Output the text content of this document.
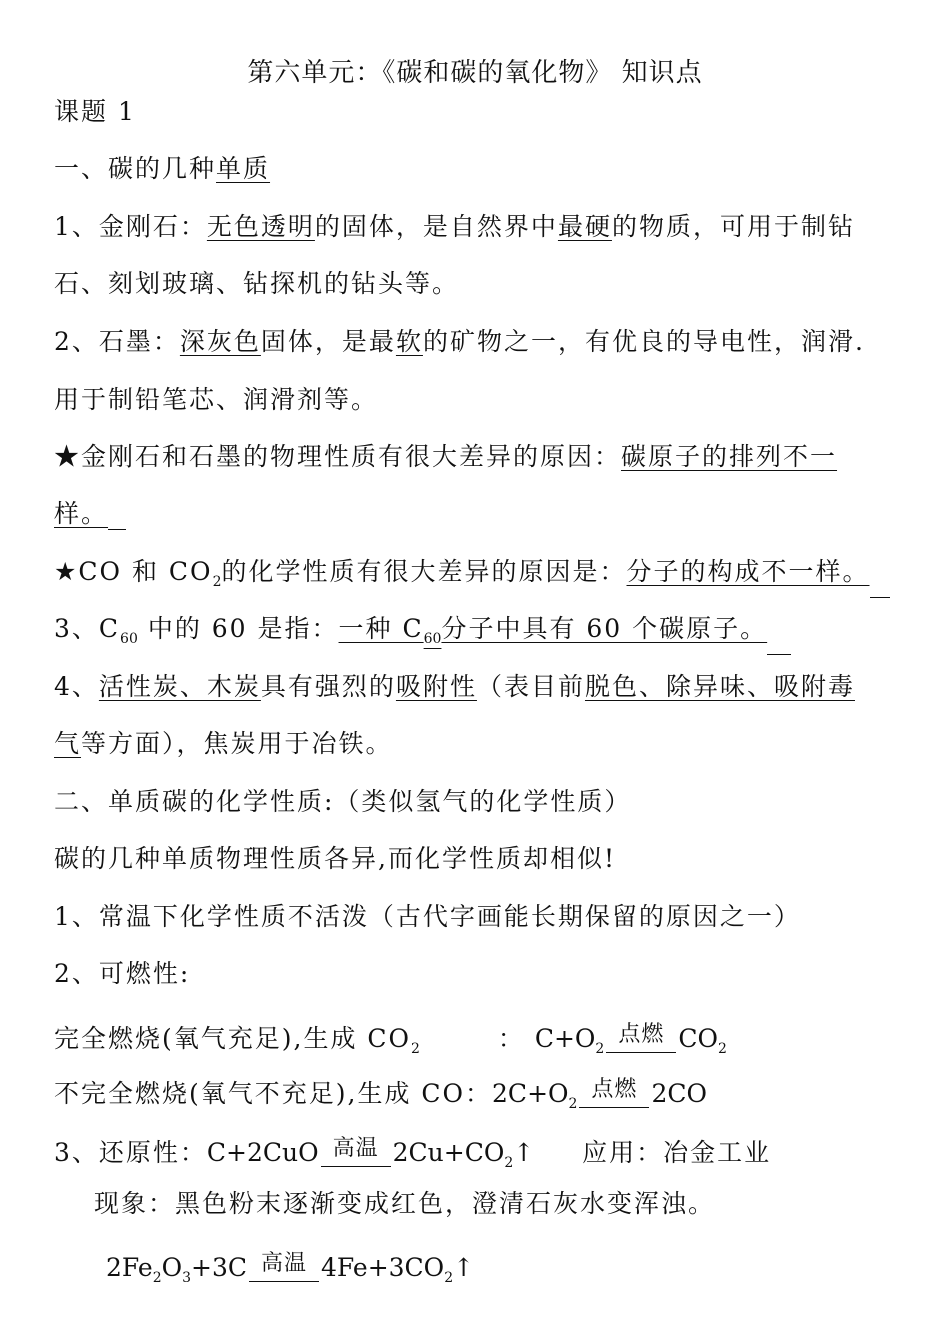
第六单元：《碳和碳的氧化物》 知识点
课题 1
一、碳的几种单质
1、金刚石：无色透明的固体，是自然界中最硬的物质，可用于制钻
石、刻划玻璃、钻探机的钻头等。
2、石墨：深灰色固体，是最软的矿物之一，有优良的导电性，润滑.
用于制铅笔芯、润滑剂等。
★金刚石和石墨的物理性质有很大差异的原因：碳原子的排列不一
样。
★CO 和 $CO_2$的化学性质有很大差异的原因是：分子的构成不一样。
3、$C_{60}$ 中的 60 是指：一种 $C_{60}$分子中具有 60 个碳原子。
4、活性炭、木炭具有强烈的吸附性（表目前脱色、除异味、吸附毒
气等方面），焦炭用于冶铁。
二、单质碳的化学性质:（类似氢气的化学性质）
碳的几种单质物理性质各异,而化学性质却相似!
1、常温下化学性质不活泼（古代字画能长期保留的原因之一）
2、可燃性:
完全燃烧(氧气充足),生成 $CO_2$	： $C+O_2$
点燃 $CO_2$
不完全燃烧(氧气不充足),生成 CO：$2C+O_2$
点燃 2CO
3、还原性：C+2CuO 高温 $2Cu+CO_2↑$ 应用：冶金工业
现象：黑色粉末逐渐变成红色，澄清石灰水变浑浊。
$2Fe_2O_3+3C$ 高温 $4Fe+3CO_2↑$
